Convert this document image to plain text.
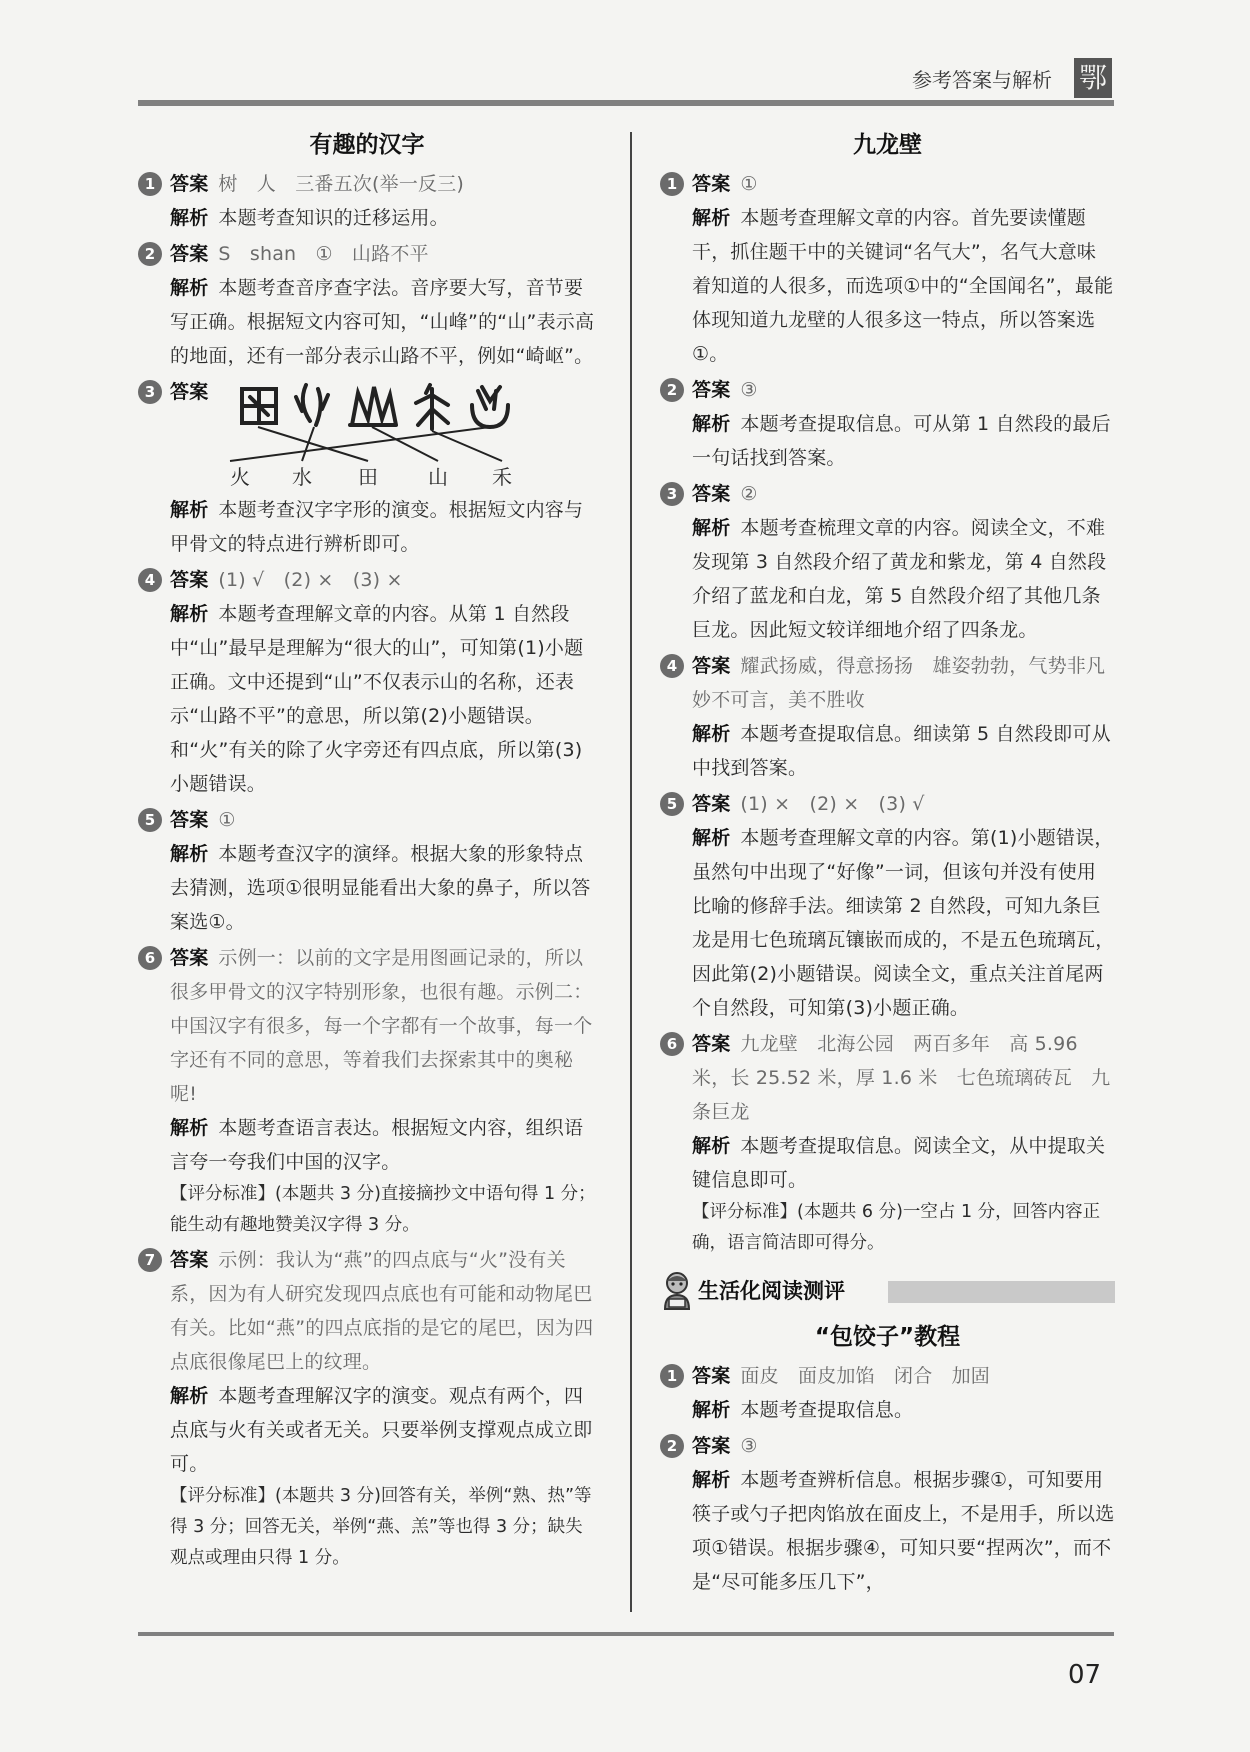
参考答案与解析 鄂
有趣的汉字
1 答案 树　人　三番五次(举一反三)
解析 本题考查知识的迁移运用。
2 答案 S　shan　①　山路不平
解析 本题考查音序查字法。音序要大写，音节要写正确。根据短文内容可知，“山峰”的“山”表示高的地面，还有一部分表示山路不平，例如“崎岖”。
3 答案
火 水 田	山 禾
解析 本题考查汉字字形的演变。根据短文内容与甲骨文的特点进行辨析即可。
4 答案 (1) √　(2) ×　(3) ×
解析 本题考查理解文章的内容。从第 1 自然段中“山”最早是理解为“很大的山”，可知第(1)小题正确。文中还提到“山”不仅表示山的名称，还表示“山路不平”的意思，所以第(2)小题错误。和“火”有关的除了火字旁还有四点底，所以第(3)小题错误。
5 答案 ①
解析 本题考查汉字的演绎。根据大象的形象特点去猜测，选项①很明显能看出大象的鼻子，所以答案选①。
6 答案 示例一：以前的文字是用图画记录的，所以很多甲骨文的汉字特别形象，也很有趣。示例二：中国汉字有很多，每一个字都有一个故事，每一个字还有不同的意思，等着我们去探索其中的奥秘呢!
解析 本题考查语言表达。根据短文内容，组织语言夸一夸我们中国的汉字。
【评分标准】(本题共 3 分)直接摘抄文中语句得 1 分；能生动有趣地赞美汉字得 3 分。
7 答案 示例：我认为“燕”的四点底与“火”没有关系，因为有人研究发现四点底也有可能和动物尾巴有关。比如“燕”的四点底指的是它的尾巴，因为四点底很像尾巴上的纹理。
解析 本题考查理解汉字的演变。观点有两个，四点底与火有关或者无关。只要举例支撑观点成立即可。
【评分标准】(本题共 3 分)回答有关，举例“熟、热”等得 3 分；回答无关，举例“燕、羔”等也得 3 分；缺失观点或理由只得 1 分。
九龙壁
1 答案 ①
解析 本题考查理解文章的内容。首先要读懂题干，抓住题干中的关键词“名气大”，名气大意味着知道的人很多，而选项①中的“全国闻名”，最能体现知道九龙壁的人很多这一特点，所以答案选①。
2 答案 ③
解析 本题考查提取信息。可从第 1 自然段的最后一句话找到答案。
3 答案 ②
解析 本题考查梳理文章的内容。阅读全文，不难发现第 3 自然段介绍了黄龙和紫龙，第 4 自然段介绍了蓝龙和白龙，第 5 自然段介绍了其他几条巨龙。因此短文较详细地介绍了四条龙。
4 答案 耀武扬威，得意扬扬　雄姿勃勃，气势非凡　妙不可言，美不胜收
解析 本题考查提取信息。细读第 5 自然段即可从中找到答案。
5 答案 (1) ×　(2) ×　(3) √
解析 本题考查理解文章的内容。第(1)小题错误，虽然句中出现了“好像”一词，但该句并没有使用比喻的修辞手法。细读第 2 自然段，可知九条巨龙是用七色琉璃瓦镶嵌而成的，不是五色琉璃瓦，因此第(2)小题错误。阅读全文，重点关注首尾两个自然段，可知第(3)小题正确。
6 答案 九龙壁　北海公园　两百多年　高 5.96 米，长 25.52 米，厚 1.6 米　七色琉璃砖瓦　九条巨龙
解析 本题考查提取信息。阅读全文，从中提取关键信息即可。
【评分标准】(本题共 6 分)一空占 1 分，回答内容正确，语言简洁即可得分。
生活化阅读测评
“包饺子”教程
1 答案 面皮　面皮加馅　闭合　加固
解析 本题考查提取信息。
2 答案 ③
解析 本题考查辨析信息。根据步骤①，可知要用筷子或勺子把肉馅放在面皮上，不是用手，所以选项①错误。根据步骤④，可知只要“捏两次”，而不是“尽可能多压几下”，
07
